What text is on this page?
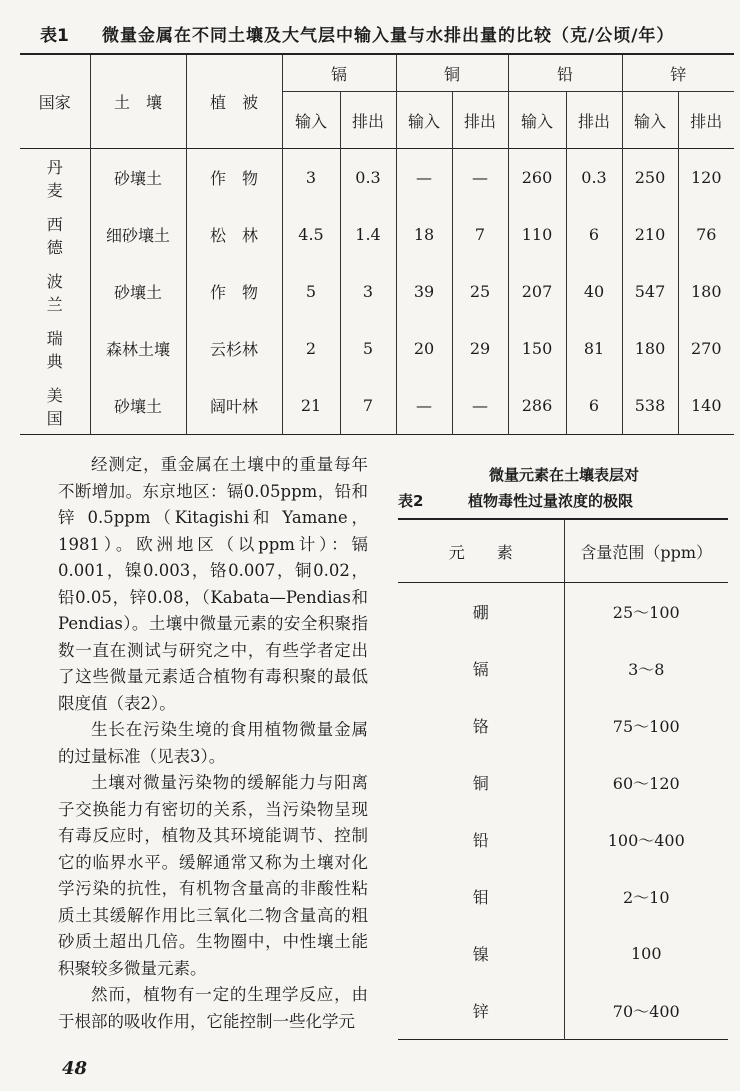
表1	微量金属在不同土壤及大气层中输入量与水排出量的比较（克/公顷/年）
国家	土　壤	植　被	镉		铜		铅		锌	
			输入	排出	输入	排出	输入	排出	输入	排出
丹麦	砂壤土	作　物	3	0.3	—	—	260	0.3	250	120
西德	细砂壤土	松　林	4.5	1.4	18	7	110	6	210	76
波兰	砂壤土	作　物	5	3	39	25	207	40	547	180
瑞典	森林土壤	云杉林	2	5	20	29	150	81	180	270
美国	砂壤土	阔叶林	21	7	—	—	286	6	538	140

经测定，重金属在土壤中的重量每年不断增加。东京地区：镉0.05ppm，铅和锌 0.5ppm（Kitagishi和 Yamane，1981）。欧洲地区（以ppm计）：镉0.001，镍0.003，铬0.007，铜0.02，铅0.05，锌0.08，（Kabata—Pendias和Pendias）。土壤中微量元素的安全积聚指数一直在测试与研究之中，有些学者定出了这些微量元素适合植物有毒积聚的最低限度值（表2）。

生长在污染生境的食用植物微量金属的过量标准（见表3）。

土壤对微量污染物的缓解能力与阳离子交换能力有密切的关系，当污染物呈现有毒反应时，植物及其环境能调节、控制它的临界水平。缓解通常又称为土壤对化学污染的抗性，有机物含量高的非酸性粘质土其缓解作用比三氧化二物含量高的粗砂质土超出几倍。生物圈中，中性壤土能积聚较多微量元素。

然而，植物有一定的生理学反应，由于根部的吸收作用，它能控制一些化学元

微量元素在土壤表层对
表2	植物毒性过量浓度的极限
元　　素	含量范围（ppm）
硼	25～100
镉	3～8
铬	75～100
铜	60～120
铅	100～400
钼	2～10
镍	100
锌	70～400
48
